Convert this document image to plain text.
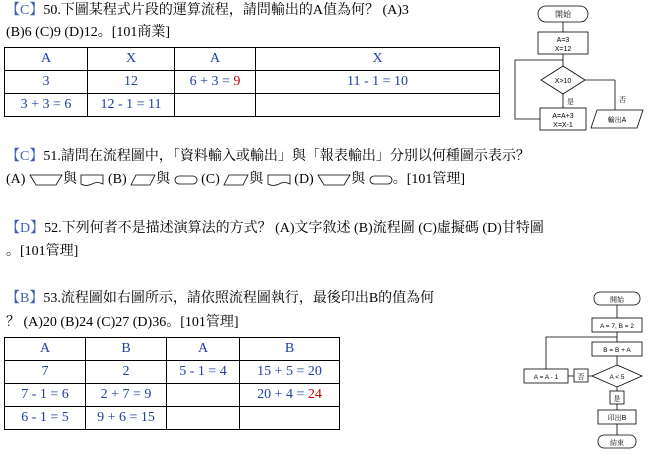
【C】50.下圖某程式片段的運算流程，請問輸出的A值為何？ (A)3
(B)6 (C)9 (D)12。[101商業]
A	X	A	X
3	12	6 + 3 = 9	11 - 1 = 10
3 + 3 = 6	12 - 1 = 11		
開始
A=3
X=12
X>10
是
A=A+3
X=X-1
否
輸出A
【C】51.請問在流程圖中，「資料輸入或輸出」與「報表輸出」分別以何種圖示表示？
(A)	與 (B) 與 (C) 與 (D)	與 。[101管理]
【D】52.下列何者不是描述演算法的方式？ (A)文字敘述 (B)流程圖 (C)虛擬碼 (D)甘特圖
。[101管理]
【B】53.流程圖如右圖所示，請依照流程圖執行，最後印出B的值為何
？ (A)20 (B)24 (C)27 (D)36。[101管理]
A	B	A	B
7	2	5 - 1 = 4	15 + 5 = 20
7 - 1 = 6	2 + 7 = 9		20 + 4 = 24
6 - 1 = 5	9 + 6 = 15		
開始
A = 7, B = 2
B = B + A
A < 5
否
A = A - 1
是
印出B
結束
